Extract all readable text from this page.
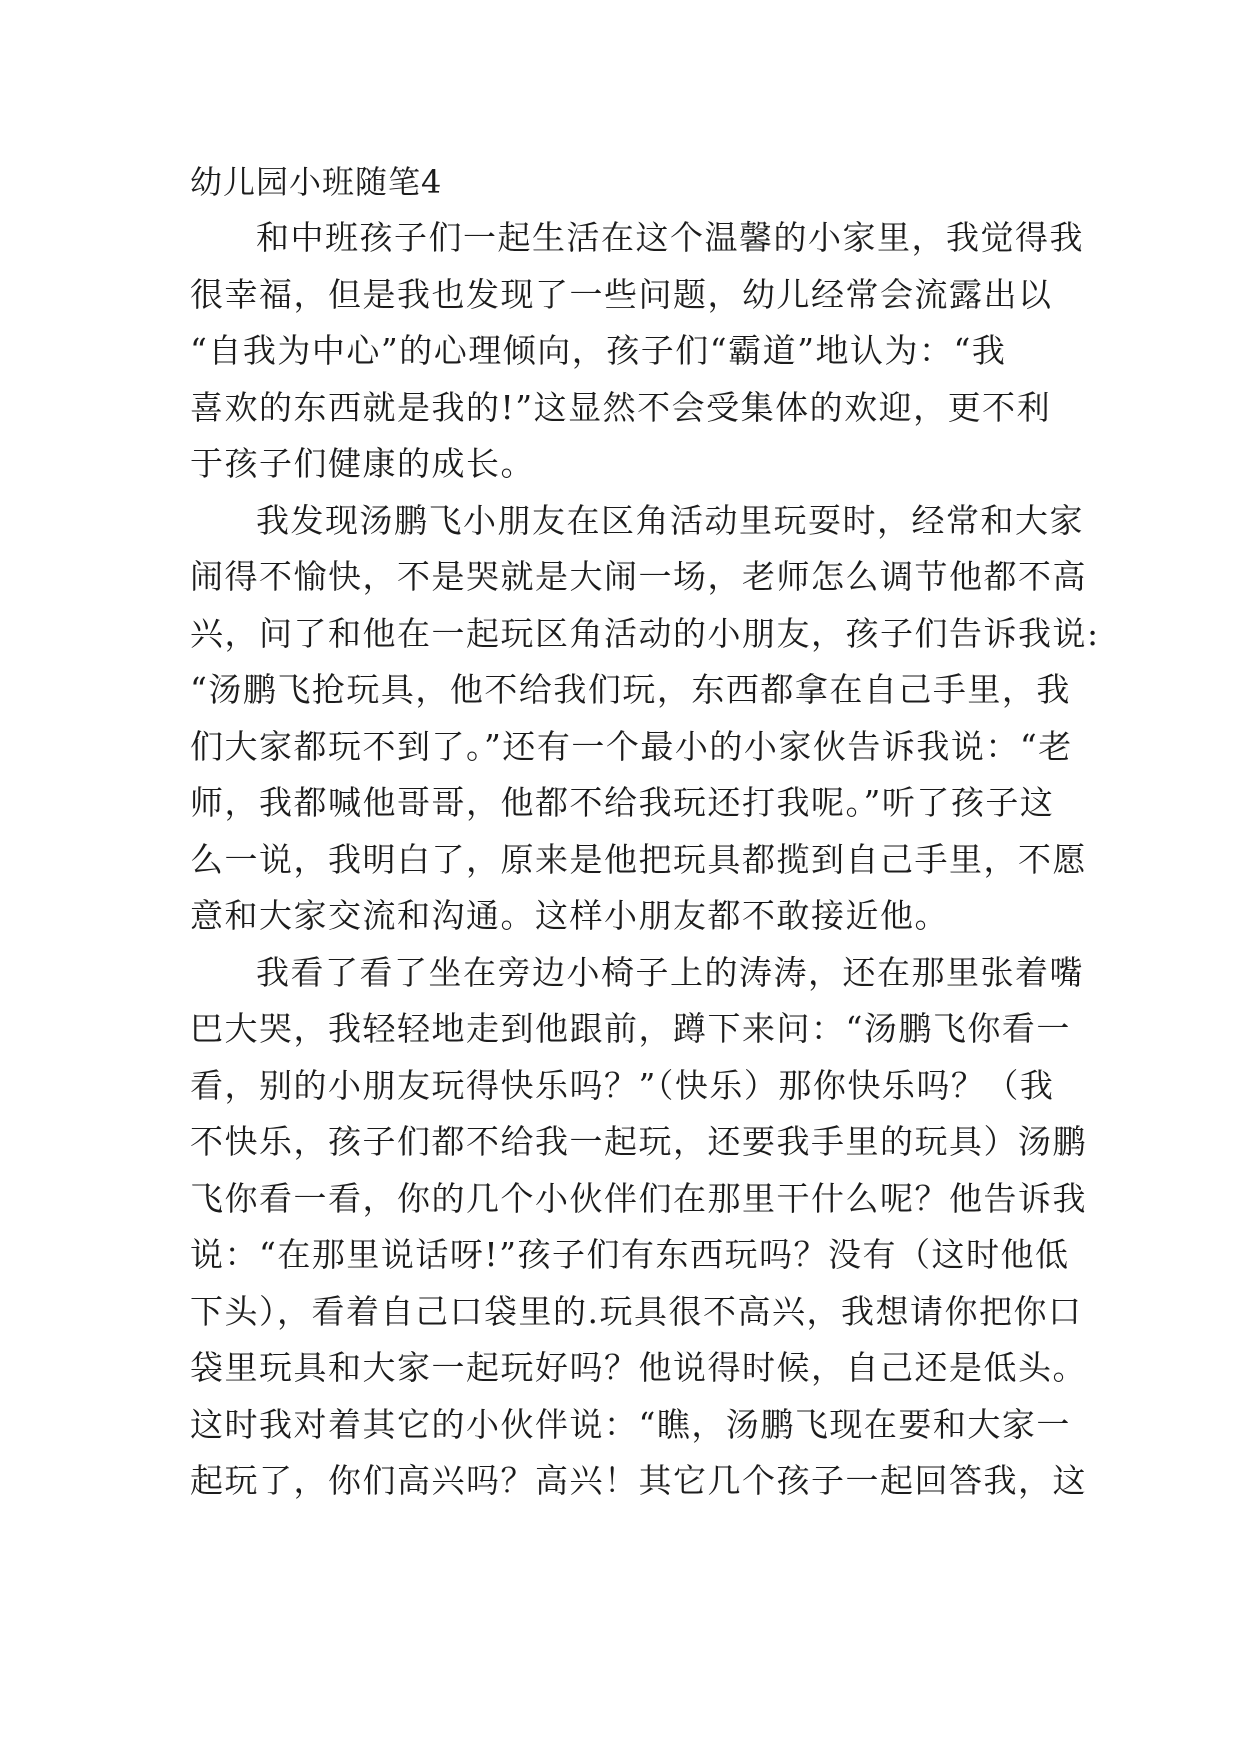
幼儿园小班随笔4
和中班孩子们一起生活在这个温馨的小家里，我觉得我
很幸福，但是我也发现了一些问题，幼儿经常会流露出以
“自我为中心”的心理倾向，孩子们“霸道”地认为：“我
喜欢的东西就是我的!”这显然不会受集体的欢迎，更不利
于孩子们健康的成长。
我发现汤鹏飞小朋友在区角活动里玩耍时，经常和大家
闹得不愉快，不是哭就是大闹一场，老师怎么调节他都不高
兴，问了和他在一起玩区角活动的小朋友，孩子们告诉我说:
“汤鹏飞抢玩具，他不给我们玩，东西都拿在自己手里，我
们大家都玩不到了。”还有一个最小的小家伙告诉我说：“老
师，我都喊他哥哥，他都不给我玩还打我呢。”听了孩子这
么一说，我明白了，原来是他把玩具都揽到自己手里，不愿
意和大家交流和沟通。这样小朋友都不敢接近他。
我看了看了坐在旁边小椅子上的涛涛，还在那里张着嘴
巴大哭，我轻轻地走到他跟前，蹲下来问：“汤鹏飞你看一
看，别的小朋友玩得快乐吗？”（快乐）那你快乐吗？（我
不快乐，孩子们都不给我一起玩，还要我手里的玩具）汤鹏
飞你看一看，你的几个小伙伴们在那里干什么呢？他告诉我
说：“在那里说话呀!”孩子们有东西玩吗？没有（这时他低
下头），看着自己口袋里的.玩具很不高兴，我想请你把你口
袋里玩具和大家一起玩好吗？他说得时候，自己还是低头。
这时我对着其它的小伙伴说：“瞧，汤鹏飞现在要和大家一
起玩了，你们高兴吗？高兴！其它几个孩子一起回答我，这
